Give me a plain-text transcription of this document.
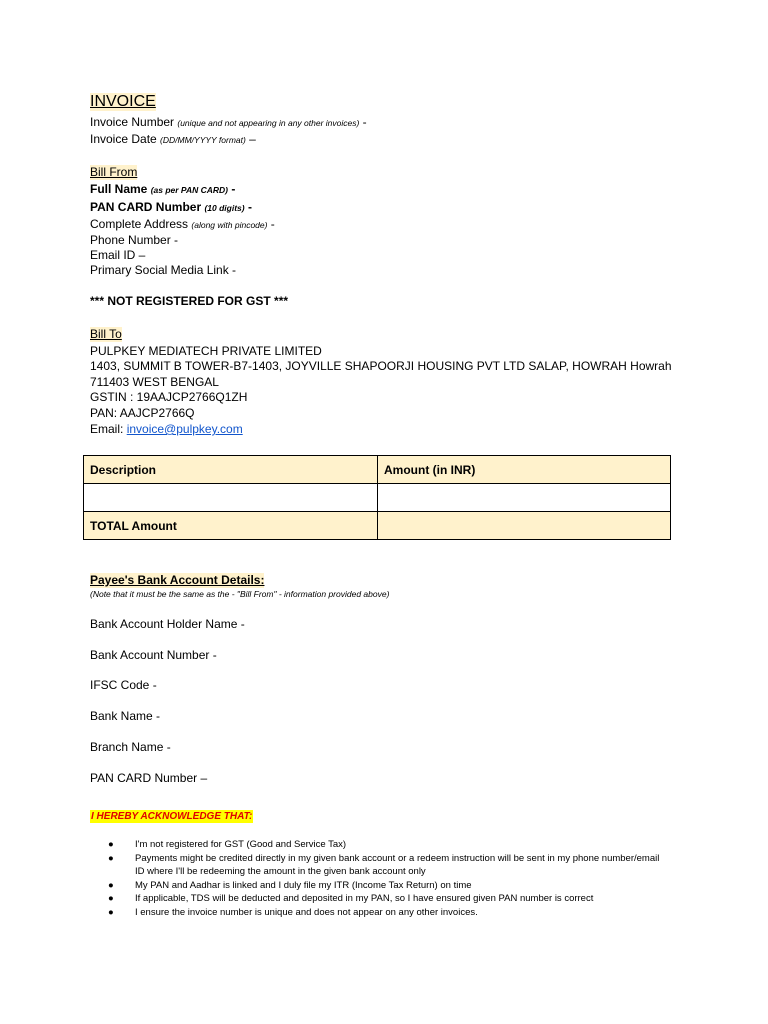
INVOICE
Invoice Number (unique and not appearing in any other invoices) -
Invoice Date (DD/MM/YYYY format) –
Bill From
Full Name (as per PAN CARD) -
PAN CARD Number (10 digits) -
Complete Address (along with pincode) -
Phone Number -
Email ID –
Primary Social Media Link -
*** NOT REGISTERED FOR GST ***
Bill To
PULPKEY MEDIATECH PRIVATE LIMITED
1403, SUMMIT B TOWER-B7-1403, JOYVILLE SHAPOORJI HOUSING PVT LTD SALAP, HOWRAH Howrah
711403 WEST BENGAL
GSTIN : 19AAJCP2766Q1ZH
PAN: AAJCP2766Q
Email: invoice@pulpkey.com
Description	Amount (in INR)

TOTAL Amount	
Payee's Bank Account Details:
(Note that it must be the same as the - "Bill From" - information provided above)
Bank Account Holder Name -
Bank Account Number -
IFSC Code -
Bank Name -
Branch Name -
PAN CARD Number –
I HEREBY ACKNOWLEDGE THAT:
● I'm not registered for GST (Good and Service Tax)
● Payments might be credited directly in my given bank account or a redeem instruction will be sent in my phone number/email ID where I'll be redeeming the amount in the given bank account only
● My PAN and Aadhar is linked and I duly file my ITR (Income Tax Return) on time
● If applicable, TDS will be deducted and deposited in my PAN, so I have ensured given PAN number is correct
● I ensure the invoice number is unique and does not appear on any other invoices.
